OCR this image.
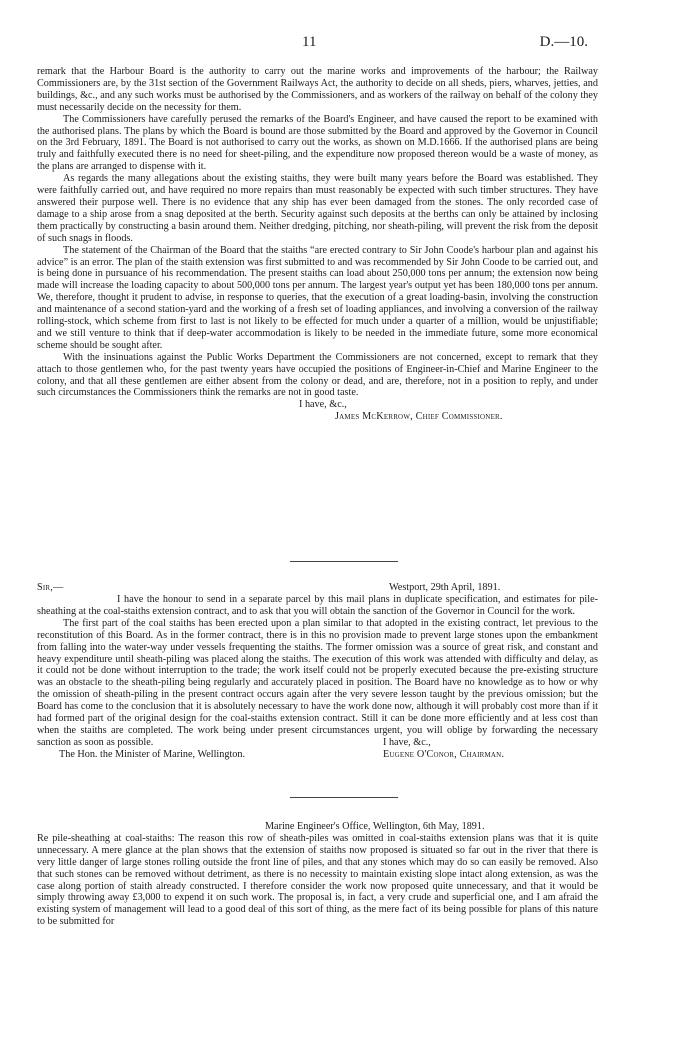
11	D.—10.

remark that the Harbour Board is the authority to carry out the marine works and improvements of the harbour; the Railway Commissioners are, by the 31st section of the Government Railways Act, the authority to decide on all sheds, piers, wharves, jetties, and buildings, &c., and any such works must be authorised by the Commissioners, and as workers of the railway on behalf of the colony they must necessarily decide on the necessity for them.

The Commissioners have carefully perused the remarks of the Board's Engineer, and have caused the report to be examined with the authorised plans. The plans by which the Board is bound are those submitted by the Board and approved by the Governor in Council on the 3rd February, 1891. The Board is not authorised to carry out the works, as shown on M.D.1666. If the authorised plans are being truly and faithfully executed there is no need for sheet-piling, and the expenditure now proposed thereon would be a waste of money, as the plans are arranged to dispense with it.

As regards the many allegations about the existing staiths, they were built many years before the Board was established. They were faithfully carried out, and have required no more repairs than must reasonably be expected with such timber structures. They have answered their purpose well. There is no evidence that any ship has ever been damaged from the stones. The only recorded case of damage to a ship arose from a snag deposited at the berth. Security against such deposits at the berths can only be attained by inclosing them practically by constructing a basin around them. Neither dredging, pitching, nor sheath-piling, will prevent the risk from the deposit of such snags in floods.

The statement of the Chairman of the Board that the staiths “are erected contrary to Sir John Coode's harbour plan and against his advice” is an error. The plan of the staith extension was first submitted to and was recommended by Sir John Coode to be carried out, and is being done in pursuance of his recommendation. The present staiths can load about 250,000 tons per annum; the extension now being made will increase the loading capacity to about 500,000 tons per annum. The largest year's output yet has been 180,000 tons per annum. We, therefore, thought it prudent to advise, in response to queries, that the execution of a great loading-basin, involving the construction and maintenance of a second station-yard and the working of a fresh set of loading appliances, and involving a conversion of the railway rolling-stock, which scheme from first to last is not likely to be effected for much under a quarter of a million, would be unjustifiable; and we still venture to think that if deep-water accommodation is likely to be needed in the immediate future, some more economical scheme should be sought after.

With the insinuations against the Public Works Department the Commissioners are not concerned, except to remark that they attach to those gentlemen who, for the past twenty years have occupied the positions of Engineer-in-Chief and Marine Engineer to the colony, and that all these gentlemen are either absent from the colony or dead, and are, therefore, not in a position to reply, and under such circumstances the Commissioners think the remarks are not in good taste.

I have, &c.,

James McKerrow, Chief Commissioner.

Sir,—	Westport, 29th April, 1891.

I have the honour to send in a separate parcel by this mail plans in duplicate specification, and estimates for pile-sheathing at the coal-staiths extension contract, and to ask that you will obtain the sanction of the Governor in Council for the work.

The first part of the coal staiths has been erected upon a plan similar to that adopted in the existing contract, let previous to the reconstitution of this Board. As in the former contract, there is in this no provision made to prevent large stones upon the embankment from falling into the water-way under vessels frequenting the staiths. The former omission was a source of great risk, and constant and heavy expenditure until sheath-piling was placed along the staiths. The execution of this work was attended with difficulty and delay, as it could not be done without interruption to the trade; the work itself could not be properly executed because the pre-existing structure was an obstacle to the sheath-piling being regularly and accurately placed in position. The Board have no knowledge as to how or why the omission of sheath-piling in the present contract occurs again after the very severe lesson taught by the previous omission; but the Board has come to the conclusion that it is absolutely necessary to have the work done now, although it will probably cost more than if it had formed part of the original design for the coal-staiths extension contract. Still it can be done more efficiently and at less cost than when the staiths are completed. The work being under present circumstances urgent, you will oblige by forwarding the necessary sanction as soon as possible.

The Hon. the Minister of Marine, Wellington.	Eugene O'Conor, Chairman.
I have, &c.,

Marine Engineer's Office, Wellington, 6th May, 1891.

Re pile-sheathing at coal-staiths: The reason this row of sheath-piles was omitted in coal-staiths extension plans was that it is quite unnecessary. A mere glance at the plan shows that the extension of staiths now proposed is situated so far out in the river that there is very little danger of large stones rolling outside the front line of piles, and that any stones which may do so can easily be removed. Also that such stones can be removed without detriment, as there is no necessity to maintain existing slope intact along extension, as was the case along portion of staith already constructed. I therefore consider the work now proposed quite unnecessary, and that it would be simply throwing away £3,000 to expend it on such work. The proposal is, in fact, a very crude and superficial one, and I am afraid the existing system of management will lead to a good deal of this sort of thing, as the mere fact of its being possible for plans of this nature to be submitted for
